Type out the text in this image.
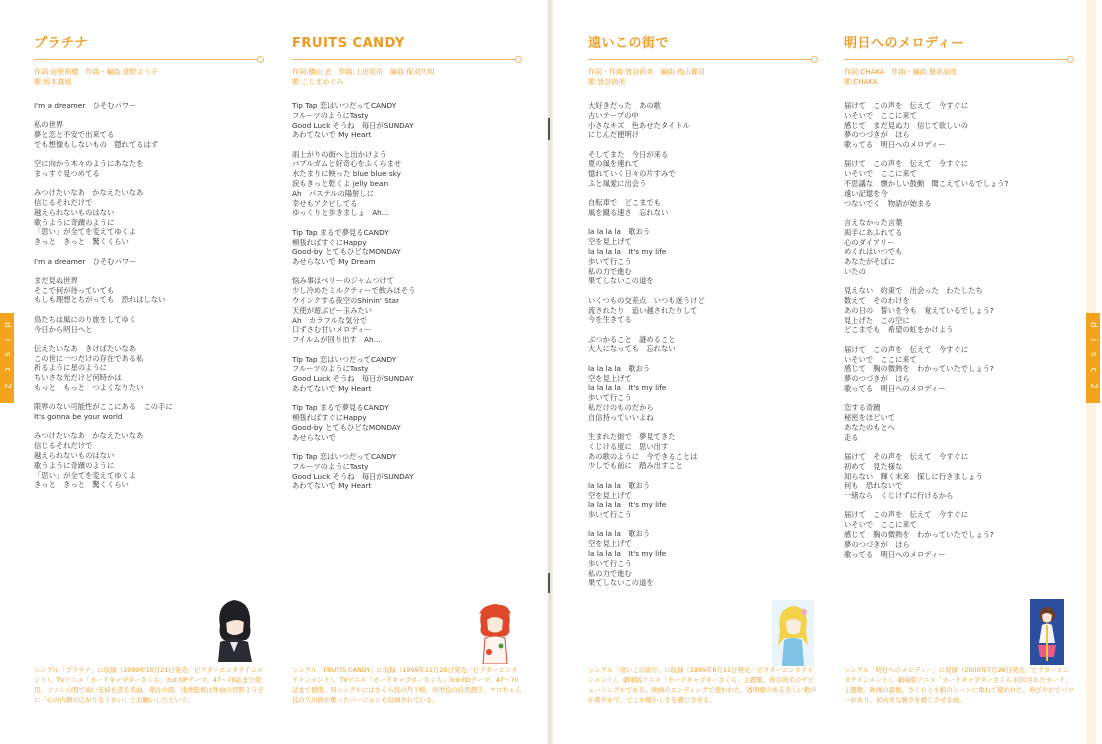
d i s c 2	d i s c 2
プラチナ
作詞:岩里祐穂　作曲・編曲:菅野よう子
歌:坂本真綾
I'm a dreamer　ひそむパワー
私の世界
夢と恋と不安で出来てる
でも想像もしないもの　隠れてるはず
空に向かう木々のようにあなたを
まっすぐ見つめてる
みつけたいなあ　かなえたいなあ
信じるそれだけで
越えられないものはない
歌うように奇蹟のように
「思い」が全てを変えてゆくよ
きっと　きっと　驚くくらい
I'm a dreamer　ひそむパワー
まだ見ぬ世界
そこで何が待っていても
もしも理想とちがっても　恐れはしない
鳥たちは風にのり旅をしてゆく
今日から明日へと
伝えたいなあ　きけばたいなあ
この世に一つだけの存在である私
祈るように星のように
ちいさな光だけど何時かは
もっと　もっと　つよくなりたい
限界のない可能性がここにある　この手に
It's gonna be your world
みつけたいなあ　かなえたいなあ
信じるそれだけで
越えられないものはない
歌うように奇蹟のように
「思い」が全てを変えてゆくよ
きっと　きっと　驚くくらい
FRUITS CANDY
作詞:横山 武　作曲:上田晃司　編曲:保刈久明
歌:こじまめぐみ
Tip Tap 恋はいつだってCANDY
フルーツのようにTasty
Good Luck そうね　毎日がSUNDAY
あわてないで My Heart
雨上がりの街へと出かけよう
バブルガムと好奇心をふくらませ
水たまりに映った blue blue sky
涙もきっと乾くよ jelly bean
Ah　パステルの陽射しに
幸せもアクビしてる
ゆっくりと歩きましょ　Ah…
Tip Tap まるで夢見るCANDY
頬張ればすぐにHappy
Good-by とてもひどなMONDAY
あせらないで My Dream
悩み事はベリーのジャムつけて
少し冷めたミルクティーで飲みほそう
ウインクする夜空のShinin' Star
天使が遊ぶビー玉みたい
Ah　カラフルな気分で
口ずさむ甘いメロディー
フイルムが回り出す　Ah…
Tip Tap 恋はいつだってCANDY
フルーツのようにTasty
Good Luck そうね　毎日がSUNDAY
あわてないで My Heart
Tip Tap まるで夢見るCANDY
頬張ればすぐにHappy
Good-by とてもひどなMONDAY
あせらないで
Tip Tap 恋はいつだってCANDY
フルーツのようにTasty
Good Luck そうね　毎日がSUNDAY
あわてないで My Heart
遠いこの街で
作詞・作曲:皆谷尚美　編曲:鳥山雄司
歌:皆谷尚美
大好きだった　あの歌
古いテープの中
小さなキズ　色あせたタイトル
にじんだ便明け
そしてまた　今日が来る
夏の風を連れて
憶れていく日々の片すみで
ふと風愛に出会う
自転車で　どこまでも
風を蹴る速さ　忘れない
la la la la　歌おう
空を見上げて
la la la la　It's my life
歩いて行こう
私の力で進む
果てしないこの道を
いくつもの交差点　いつも迷うけど
流されたり　追い越されたりして
今を生きてる
ぶつかること　謎めること
大人になっても　忘れない
la la la la　歌おう
空を見上げて
la la la la　It's my life
歩いて行こう
私だけのものだから
自信持っていいよね
生まれた街で　夢見てきた
くじける度に　思い出す
あの歌のように　今できることは
少しでも前に　踏み出すこと
la la la la　歌おう
空を見上げて
la la la la　It's my life
歩いて行こう
la la la la　歌おう
空を見上げて
la la la la　It's my life
歩いて行こう
私の力で進む
果てしないこの道を
明日へのメロディー
作詞:CHAKA　作曲・編曲:簡美訪哉
歌:CHAKA
届けて　この声を　伝えて　今すぐに
いそいで　ここに来て
感じて　まだ見ぬ力　信じて欲しいの
夢のつづきが　ほら
歌ってる　明日へのメロディー
届けて　この声を　伝えて　今すぐに
いそいで　ここに来て
不思議な　懐かしい鼓動　聞こえているでしょう?
遠い記憶を今
つないでく　物語が始まる
言えなかった言葉
両手にあふれてる
心のダイアリー
めくれはいつでも
あなたがそばに
いたの
見えない　約束で　出会った　わたしたち
数えて　そのわけを
あの日の　誓いを今も　覚えているでしょう?
見上げた　この空に
どこまでも　希望の虹をかけよう
届けて　この声を　伝えて　今すぐに
いそいで　ここに来て
感じて　胸の微熱を　わかっていたでしょう?
夢のつづきが　ほら
歌ってる　明日へのメロディー
恋する奇蹟
秘密をほどいて
あなたのもとへ
走る
届けて　その声を　伝えて　今すぐに
初めて　見た様な
知らない　輝く未来　探しに行きましょう
何も　恐れないで
一緒なら　くじけずに行けるから
届けて　この声を　伝えて　今すぐに
いそいで　ここに来て
感じて　胸の微熱を　わかっていたでしょう?
夢のつづきが　ほら
歌ってる　明日へのメロディー
シングル「プラチナ」に収録（1999年10月21日発売／ビクターエンタテインメント）。TVアニメ「カードキャプターさくら」3rd OPテーマ。47〜70話まで使用。ファンの間で高い支持を誇る名曲。発注の際、浅香監督は作曲の菅野よう子に「心の内側の広がりを下さい」とお願いしたという。
シングル「FRUITS CANDY」に収録（1999年11月20日発売／ビクターエンタテインメント）。TVアニメ「カードキャプターさくら」3rd EDテーマ。47〜70話まで使用。同シングルにはさくら役の丹下桜、知世役の岩男潤子、ケロちゃん役の久川綾が歌ったバージョンも収録されている。
シングル「遠いこの街で」に収録（1999年8月11日発売／ビクターエンタテインメント）。劇場版アニメ「カードキャプターさくら」主題歌。皆谷尚美のデビューシングルである。映画のエンディングで使われた、透明感のある美しい歌声が爽やかで、どこか懐かしさを感じさせる。
シングル「明日へのメロディー」に収録（2000年7月26日発売／ビクターエンタテインメント）。劇場版アニメ「カードキャプターさくら 封印されたカード」主題歌。映画の最後、さくらと小狼のシーンに重ねて使われた。伸びやかでパワーがあり、初向きな強さを感じさせる曲。
